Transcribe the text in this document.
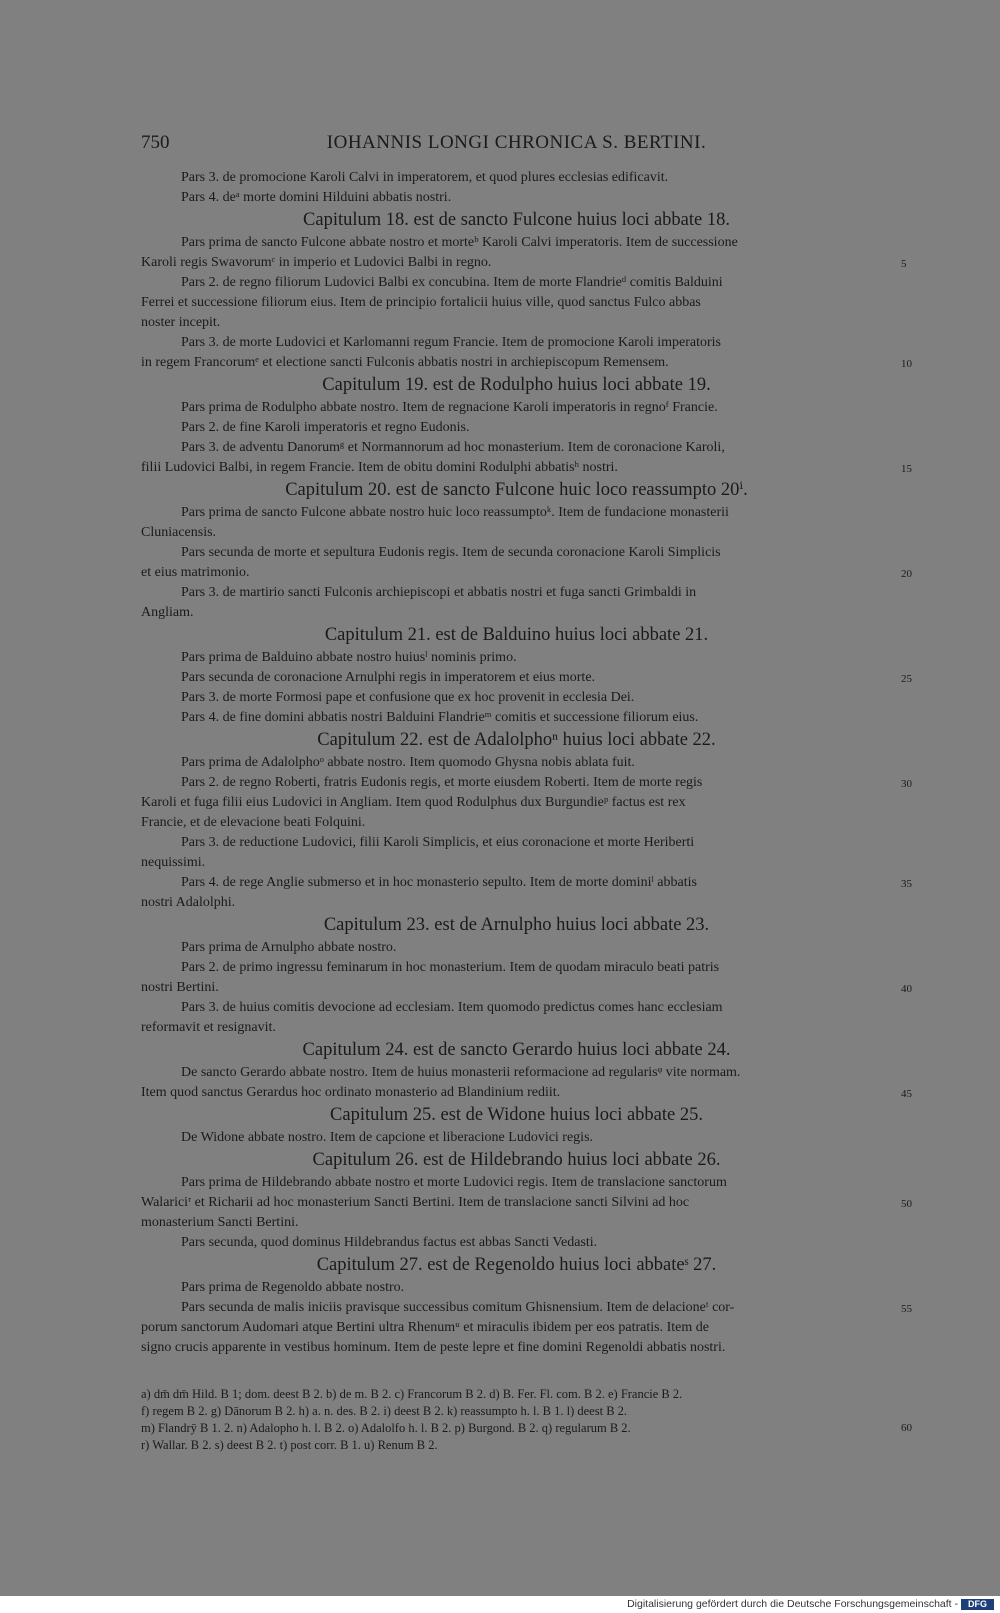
750	IOHANNIS LONGI CHRONICA S. BERTINI.
Pars 3. de promocione Karoli Calvi in imperatorem, et quod plures ecclesias edificavit.
Pars 4. deᵃ morte domini Hilduini abbatis nostri.
Capitulum 18. est de sancto Fulcone huius loci abbate 18.
Pars prima de sancto Fulcone abbate nostro et morteᵇ Karoli Calvi imperatoris. Item de successione
Karoli regis Swavorumᶜ in imperio et Ludovici Balbi in regno.	5
Pars 2. de regno filiorum Ludovici Balbi ex concubina. Item de morte Flandrieᵈ comitis Balduini
Ferrei et successione filiorum eius. Item de principio fortalicii huius ville, quod sanctus Fulco abbas
noster incepit.
Pars 3. de morte Ludovici et Karlomanni regum Francie. Item de promocione Karoli imperatoris
in regem Francorumᵉ et electione sancti Fulconis abbatis nostri in archiepiscopum Remensem.	10
Capitulum 19. est de Rodulpho huius loci abbate 19.
Pars prima de Rodulpho abbate nostro. Item de regnacione Karoli imperatoris in regnoᶠ Francie.
Pars 2. de fine Karoli imperatoris et regno Eudonis.
Pars 3. de adventu Danorumᵍ et Normannorum ad hoc monasterium. Item de coronacione Karoli,
filii Ludovici Balbi, in regem Francie. Item de obitu domini Rodulphi abbatisʰ nostri.	15
Capitulum 20. est de sancto Fulcone huic loco reassumpto 20ⁱ.
Pars prima de sancto Fulcone abbate nostro huic loco reassumptoᵏ. Item de fundacione monasterii
Cluniacensis.
Pars secunda de morte et sepultura Eudonis regis. Item de secunda coronacione Karoli Simplicis
et eius matrimonio.	20
Pars 3. de martirio sancti Fulconis archiepiscopi et abbatis nostri et fuga sancti Grimbaldi in
Angliam.
Capitulum 21. est de Balduino huius loci abbate 21.
Pars prima de Balduino abbate nostro huiusˡ nominis primo.
Pars secunda de coronacione Arnulphi regis in imperatorem et eius morte.	25
Pars 3. de morte Formosi pape et confusione que ex hoc provenit in ecclesia Dei.
Pars 4. de fine domini abbatis nostri Balduini Flandrieᵐ comitis et successione filiorum eius.
Capitulum 22. est de Adalolphoⁿ huius loci abbate 22.
Pars prima de Adalolphoᵒ abbate nostro. Item quomodo Ghysna nobis ablata fuit.
Pars 2. de regno Roberti, fratris Eudonis regis, et morte eiusdem Roberti. Item de morte regis	30
Karoli et fuga filii eius Ludovici in Angliam. Item quod Rodulphus dux Burgundieᵖ factus est rex
Francie, et de elevacione beati Folquini.
Pars 3. de reductione Ludovici, filii Karoli Simplicis, et eius coronacione et morte Heriberti
nequissimi.
Pars 4. de rege Anglie submerso et in hoc monasterio sepulto. Item de morte dominiˡ abbatis	35
nostri Adalolphi.
Capitulum 23. est de Arnulpho huius loci abbate 23.
Pars prima de Arnulpho abbate nostro.
Pars 2. de primo ingressu feminarum in hoc monasterium. Item de quodam miraculo beati patris
nostri Bertini.	40
Pars 3. de huius comitis devocione ad ecclesiam. Item quomodo predictus comes hanc ecclesiam
reformavit et resignavit.
Capitulum 24. est de sancto Gerardo huius loci abbate 24.
De sancto Gerardo abbate nostro. Item de huius monasterii reformacione ad regularisᵠ vite normam.
Item quod sanctus Gerardus hoc ordinato monasterio ad Blandinium rediit.	45
Capitulum 25. est de Widone huius loci abbate 25.
De Widone abbate nostro. Item de capcione et liberacione Ludovici regis.
Capitulum 26. est de Hildebrando huius loci abbate 26.
Pars prima de Hildebrando abbate nostro et morte Ludovici regis. Item de translacione sanctorum
Walariciʳ et Richarii ad hoc monasterium Sancti Bertini. Item de translacione sancti Silvini ad hoc	50
monasterium Sancti Bertini.
Pars secunda, quod dominus Hildebrandus factus est abbas Sancti Vedasti.
Capitulum 27. est de Regenoldo huius loci abbateˢ 27.
Pars prima de Regenoldo abbate nostro.
Pars secunda de malis iniciis pravisque successibus comitum Ghisnensium. Item de delacioneᵗ cor-	55
porum sanctorum Audomari atque Bertini ultra Rhenumᵘ et miraculis ibidem per eos patratis. Item de
signo crucis apparente in vestibus hominum. Item de peste lepre et fine domini Regenoldi abbatis nostri.
a) dm̄ dm̄ Hild. B 1; dom. deest B 2. b) de m. B 2. c) Francorum B 2. d) B. Fer. Fl. com. B 2. e) Francie B 2.
f) regem B 2. g) Dānorum B 2. h) a. n. des. B 2. i) deest B 2. k) reassumpto h. l. B 1. l) deest B 2.
m) Flandrȳ B 1. 2. n) Adalopho h. l. B 2. o) Adalolfo h. l. B 2. p) Burgond. B 2. q) regularum B 2.	60
r) Wallar. B 2. s) deest B 2. t) post corr. B 1. u) Renum B 2.
Digitalisierung gefördert durch die Deutsche Forschungsgemeinschaft -	DFG
